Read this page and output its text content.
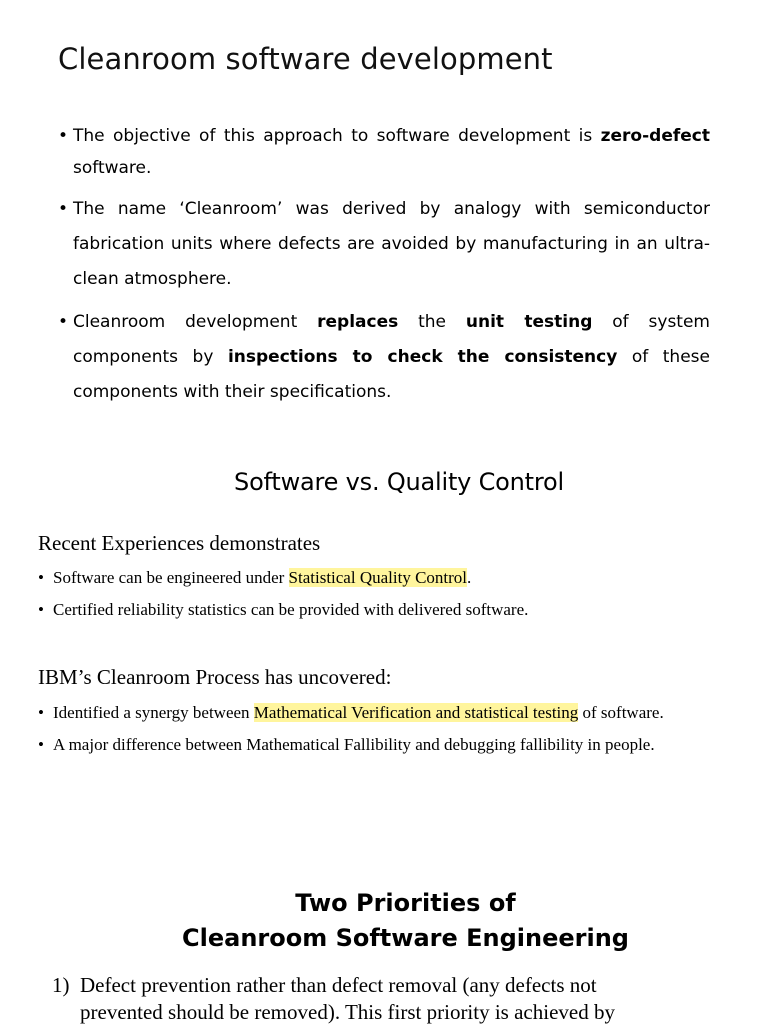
Cleanroom software development
• The objective of this approach to software development is zero-defect software.
• The name ‘Cleanroom’ was derived by analogy with semiconductor fabrication units where defects are avoided by manufacturing in an ultra-clean atmosphere.
• Cleanroom development replaces the unit testing of system components by inspections to check the consistency of these components with their specifications.
Software vs. Quality Control
Recent Experiences demonstrates
• Software can be engineered under Statistical Quality Control.
• Certified reliability statistics can be provided with delivered software.
IBM’s Cleanroom Process has uncovered:
• Identified a synergy between Mathematical Verification and statistical testing of software.
• A major difference between Mathematical Fallibility and debugging fallibility in people.
Two Priorities of
Cleanroom Software Engineering
1) Defect prevention rather than defect removal (any defects not prevented should be removed). This first priority is achieved by
